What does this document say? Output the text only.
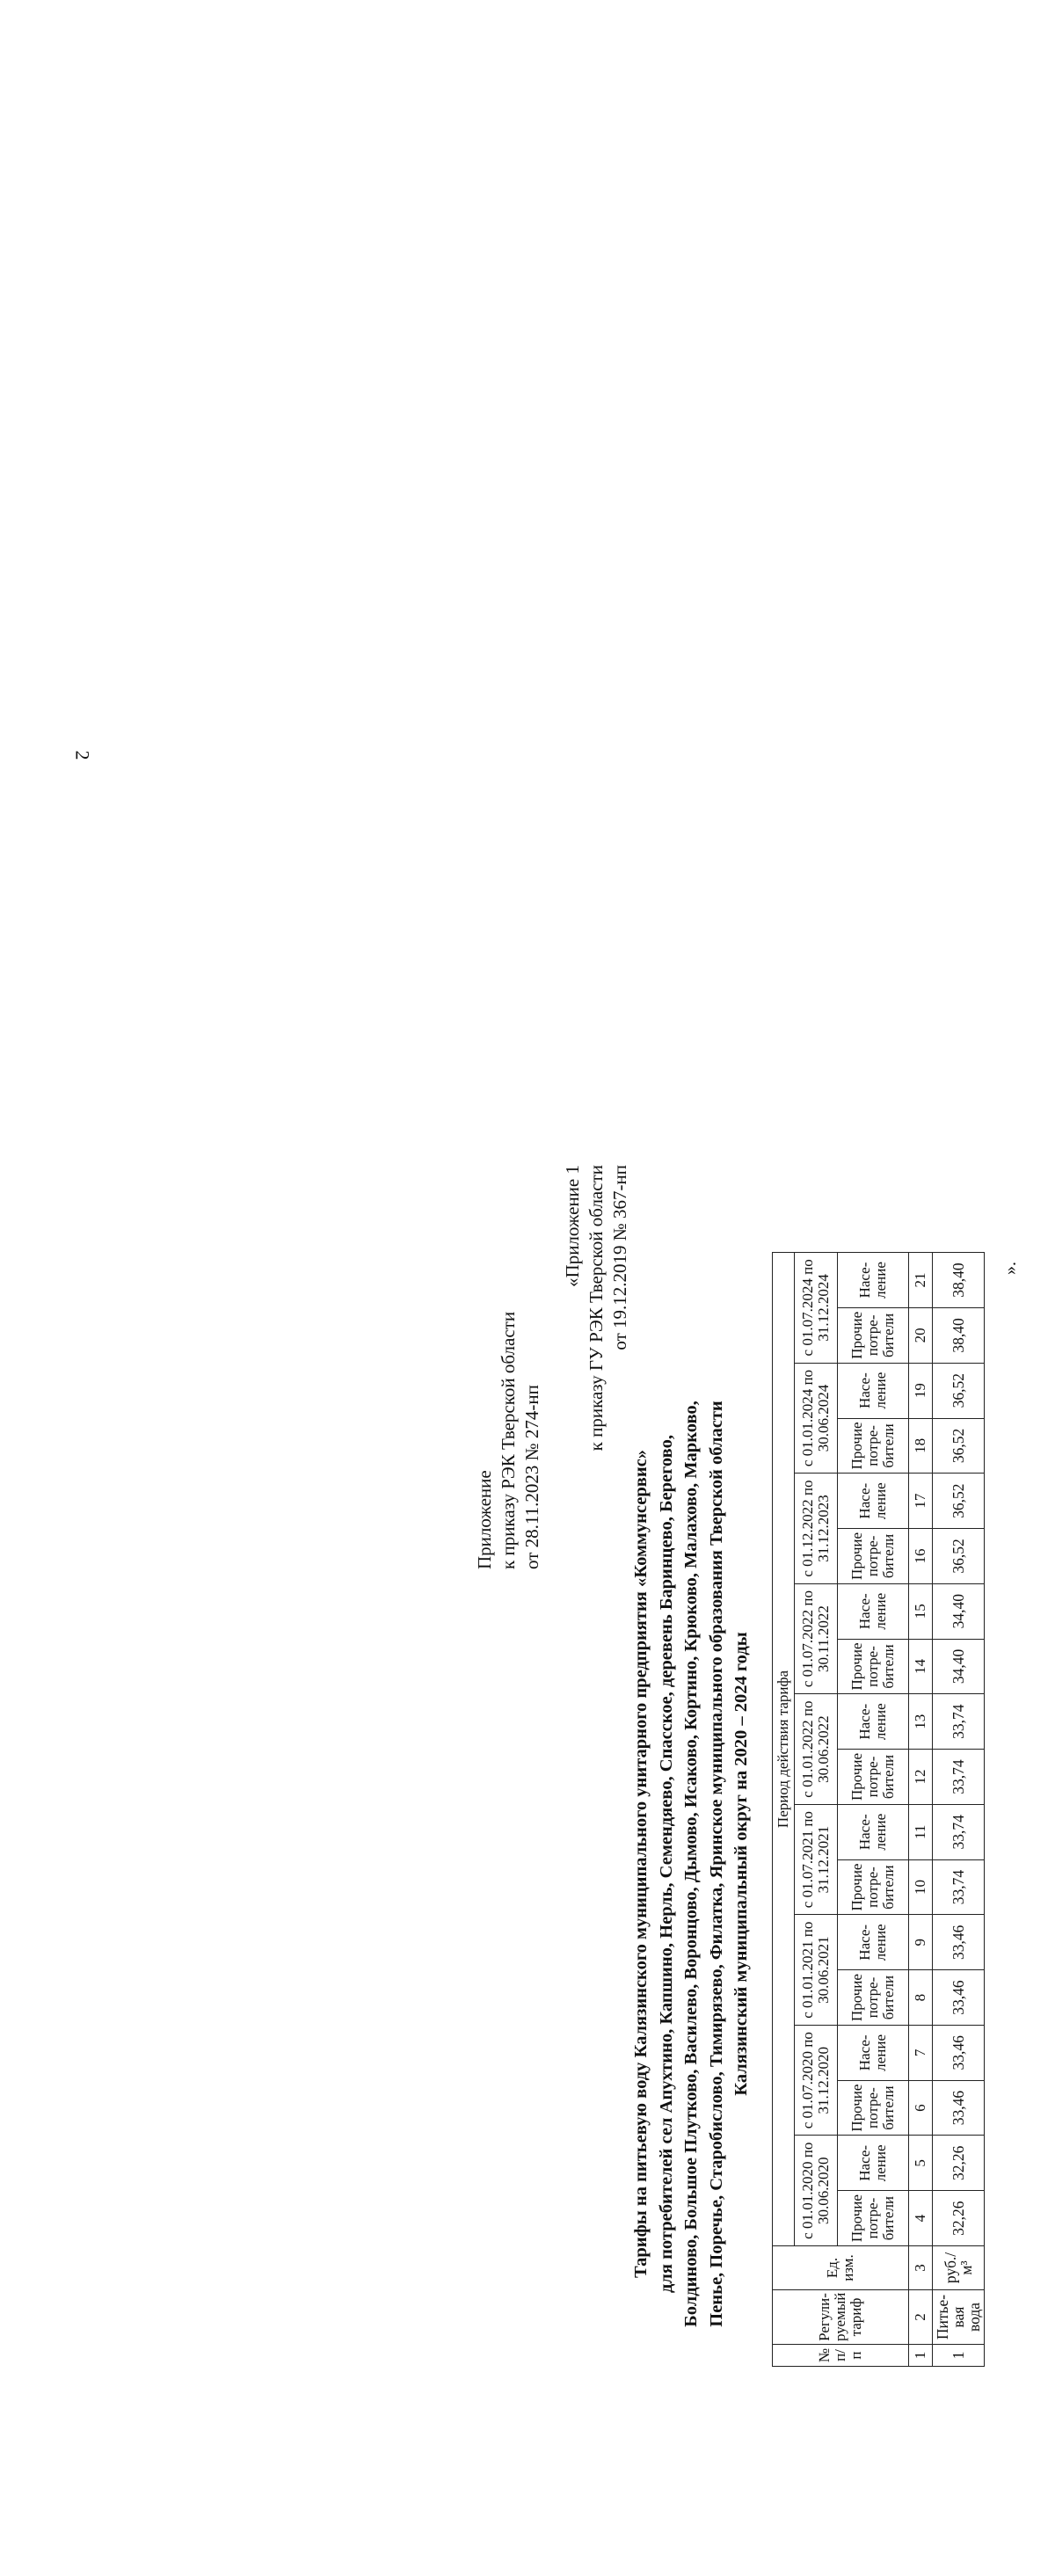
2
Приложение к приказу РЭК Тверской области от 28.11.2023 № 274-нп
«Приложение 1 к приказу ГУ РЭК Тверской области от 19.12.2019 № 367-нп
Тарифы на питьевую воду Калязинского муниципального унитарного предприятия «Коммунсервис» для потребителей сел Апухтино, Капшино, Нерль, Семендяево, Спасское, деревень Баринцево, Берегово, Болдиново, Большое Плутково, Василево, Воронцово, Дымово, Исаково, Кортино, Крюково, Малахово, Марково, Пеньe, Поречье, Старобислово, Тимирязево, Филатка, Яринское муниципального образования Тверской области Калязинский муниципальный округ на 2020 – 2024 годы
№ п/п	Регули-руемый тариф	Ед. изм.	Период действия тарифа																	
			с 01.01.2020 по 30.06.2020		с 01.07.2020 по 31.12.2020		с 01.01.2021 по 30.06.2021		с 01.07.2021 по 31.12.2021		с 01.01.2022 по 30.06.2022		с 01.07.2022 по 30.11.2022		с 01.12.2022 по 31.12.2023		с 01.01.2024 по 30.06.2024		с 01.07.2024 по 31.12.2024	
			Прочие потре-бители	Насе-ление	Прочие потре-бители	Насе-ление	Прочие потре-бители	Насе-ление	Прочие потре-бители	Насе-ление	Прочие потре-бители	Насе-ление	Прочие потре-бители	Насе-ление	Прочие потре-бители	Насе-ление	Прочие потре-бители	Насе-ление	Прочие потре-бители	Насе-ление
1	2	3	4	5	6	7	8	9	10	11	12	13	14	15	16	17	18	19	20	21
1	Питье-вая вода	руб./м³	32,26	32,26	33,46	33,46	33,46	33,46	33,74	33,74	33,74	33,74	34,40	34,40	36,52	36,52	36,52	36,52	38,40	38,40 ».
